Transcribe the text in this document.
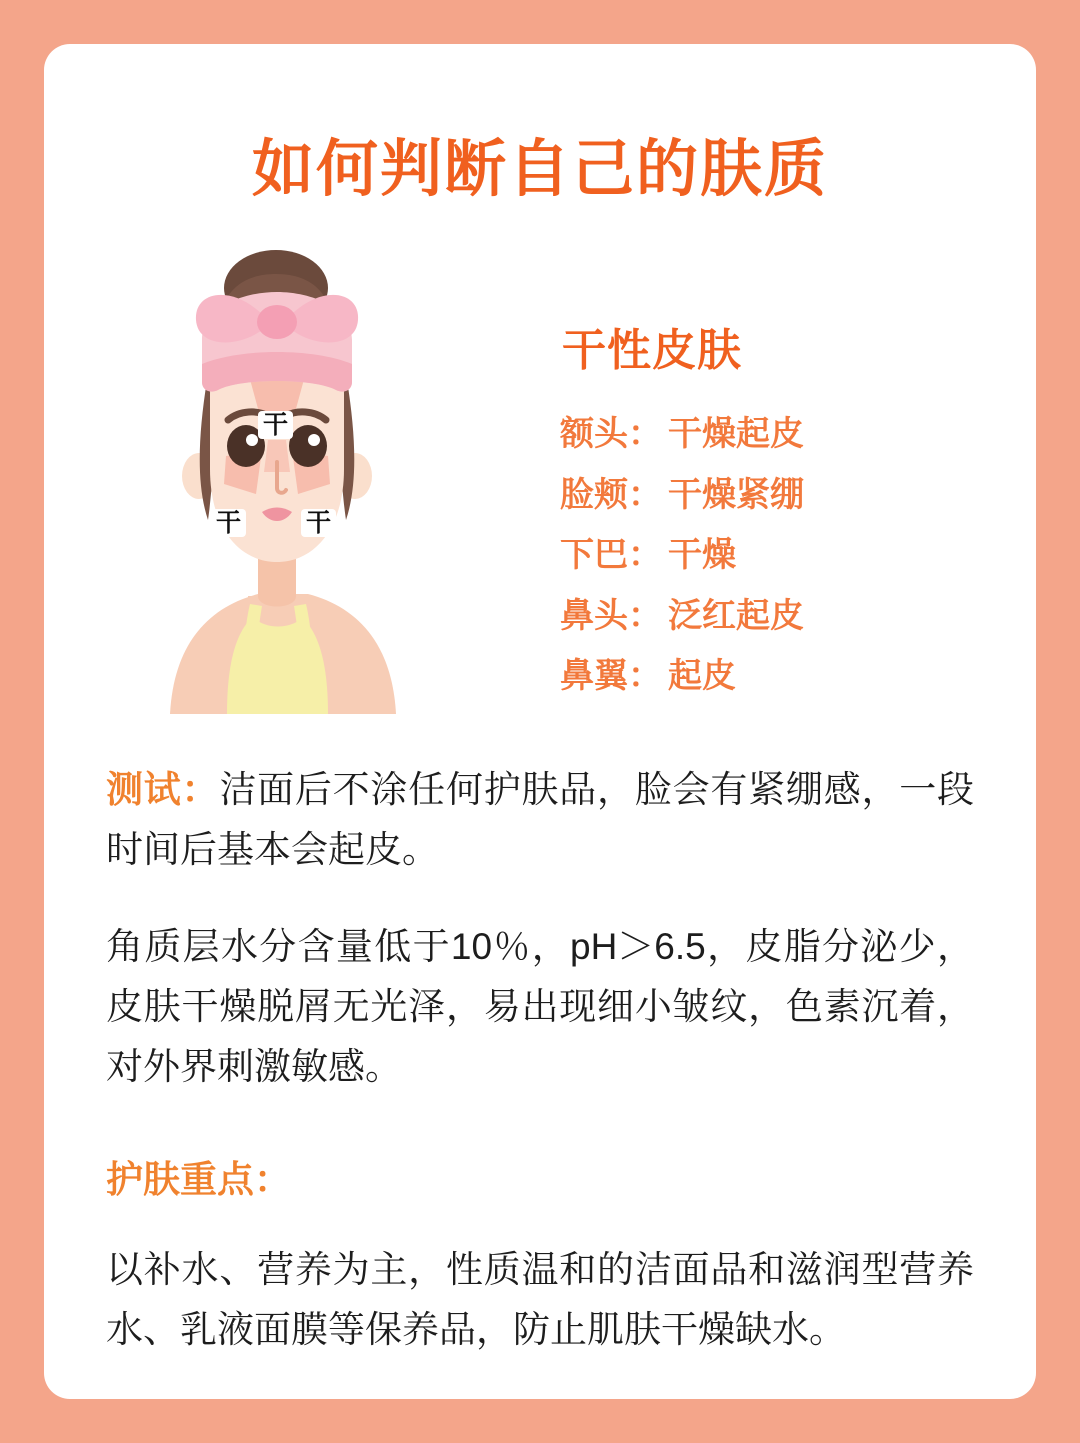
如何判断自己的肤质
干
干	干
干性皮肤
额头： 干燥起皮
脸颊： 干燥紧绷
下巴： 干燥
鼻头： 泛红起皮
鼻翼： 起皮

测试：洁面后不涂任何护肤品，脸会有紧绷感，一段时间后基本会起皮。

角质层水分含量低于10％，pH＞6.5，皮脂分泌少，皮肤干燥脱屑无光泽，易出现细小皱纹，色素沉着，对外界刺激敏感。

护肤重点：

以补水、营养为主，性质温和的洁面品和滋润型营养水、乳液面膜等保养品，防止肌肤干燥缺水。
